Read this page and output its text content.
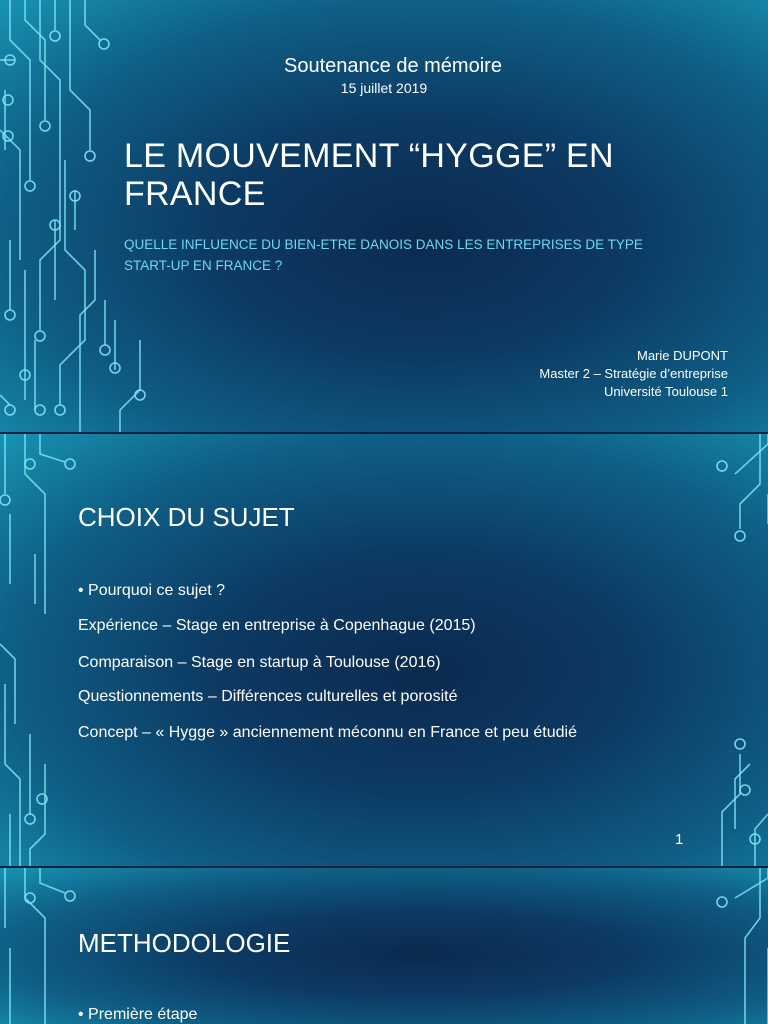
Soutenance de mémoire
15 juillet 2019
LE MOUVEMENT “HYGGE” EN FRANCE
QUELLE INFLUENCE DU BIEN-ETRE DANOIS DANS LES ENTREPRISES DE TYPE START-UP EN FRANCE ?
Marie DUPONT
Master 2 – Stratégie d’entreprise
Université Toulouse 1
CHOIX DU SUJET
• Pourquoi ce sujet ?
Expérience – Stage en entreprise à Copenhague (2015)
Comparaison – Stage en startup à Toulouse (2016)
Questionnements – Différences culturelles et porosité
Concept – « Hygge » anciennement méconnu en France et peu étudié
1
METHODOLOGIE
• Première étape
